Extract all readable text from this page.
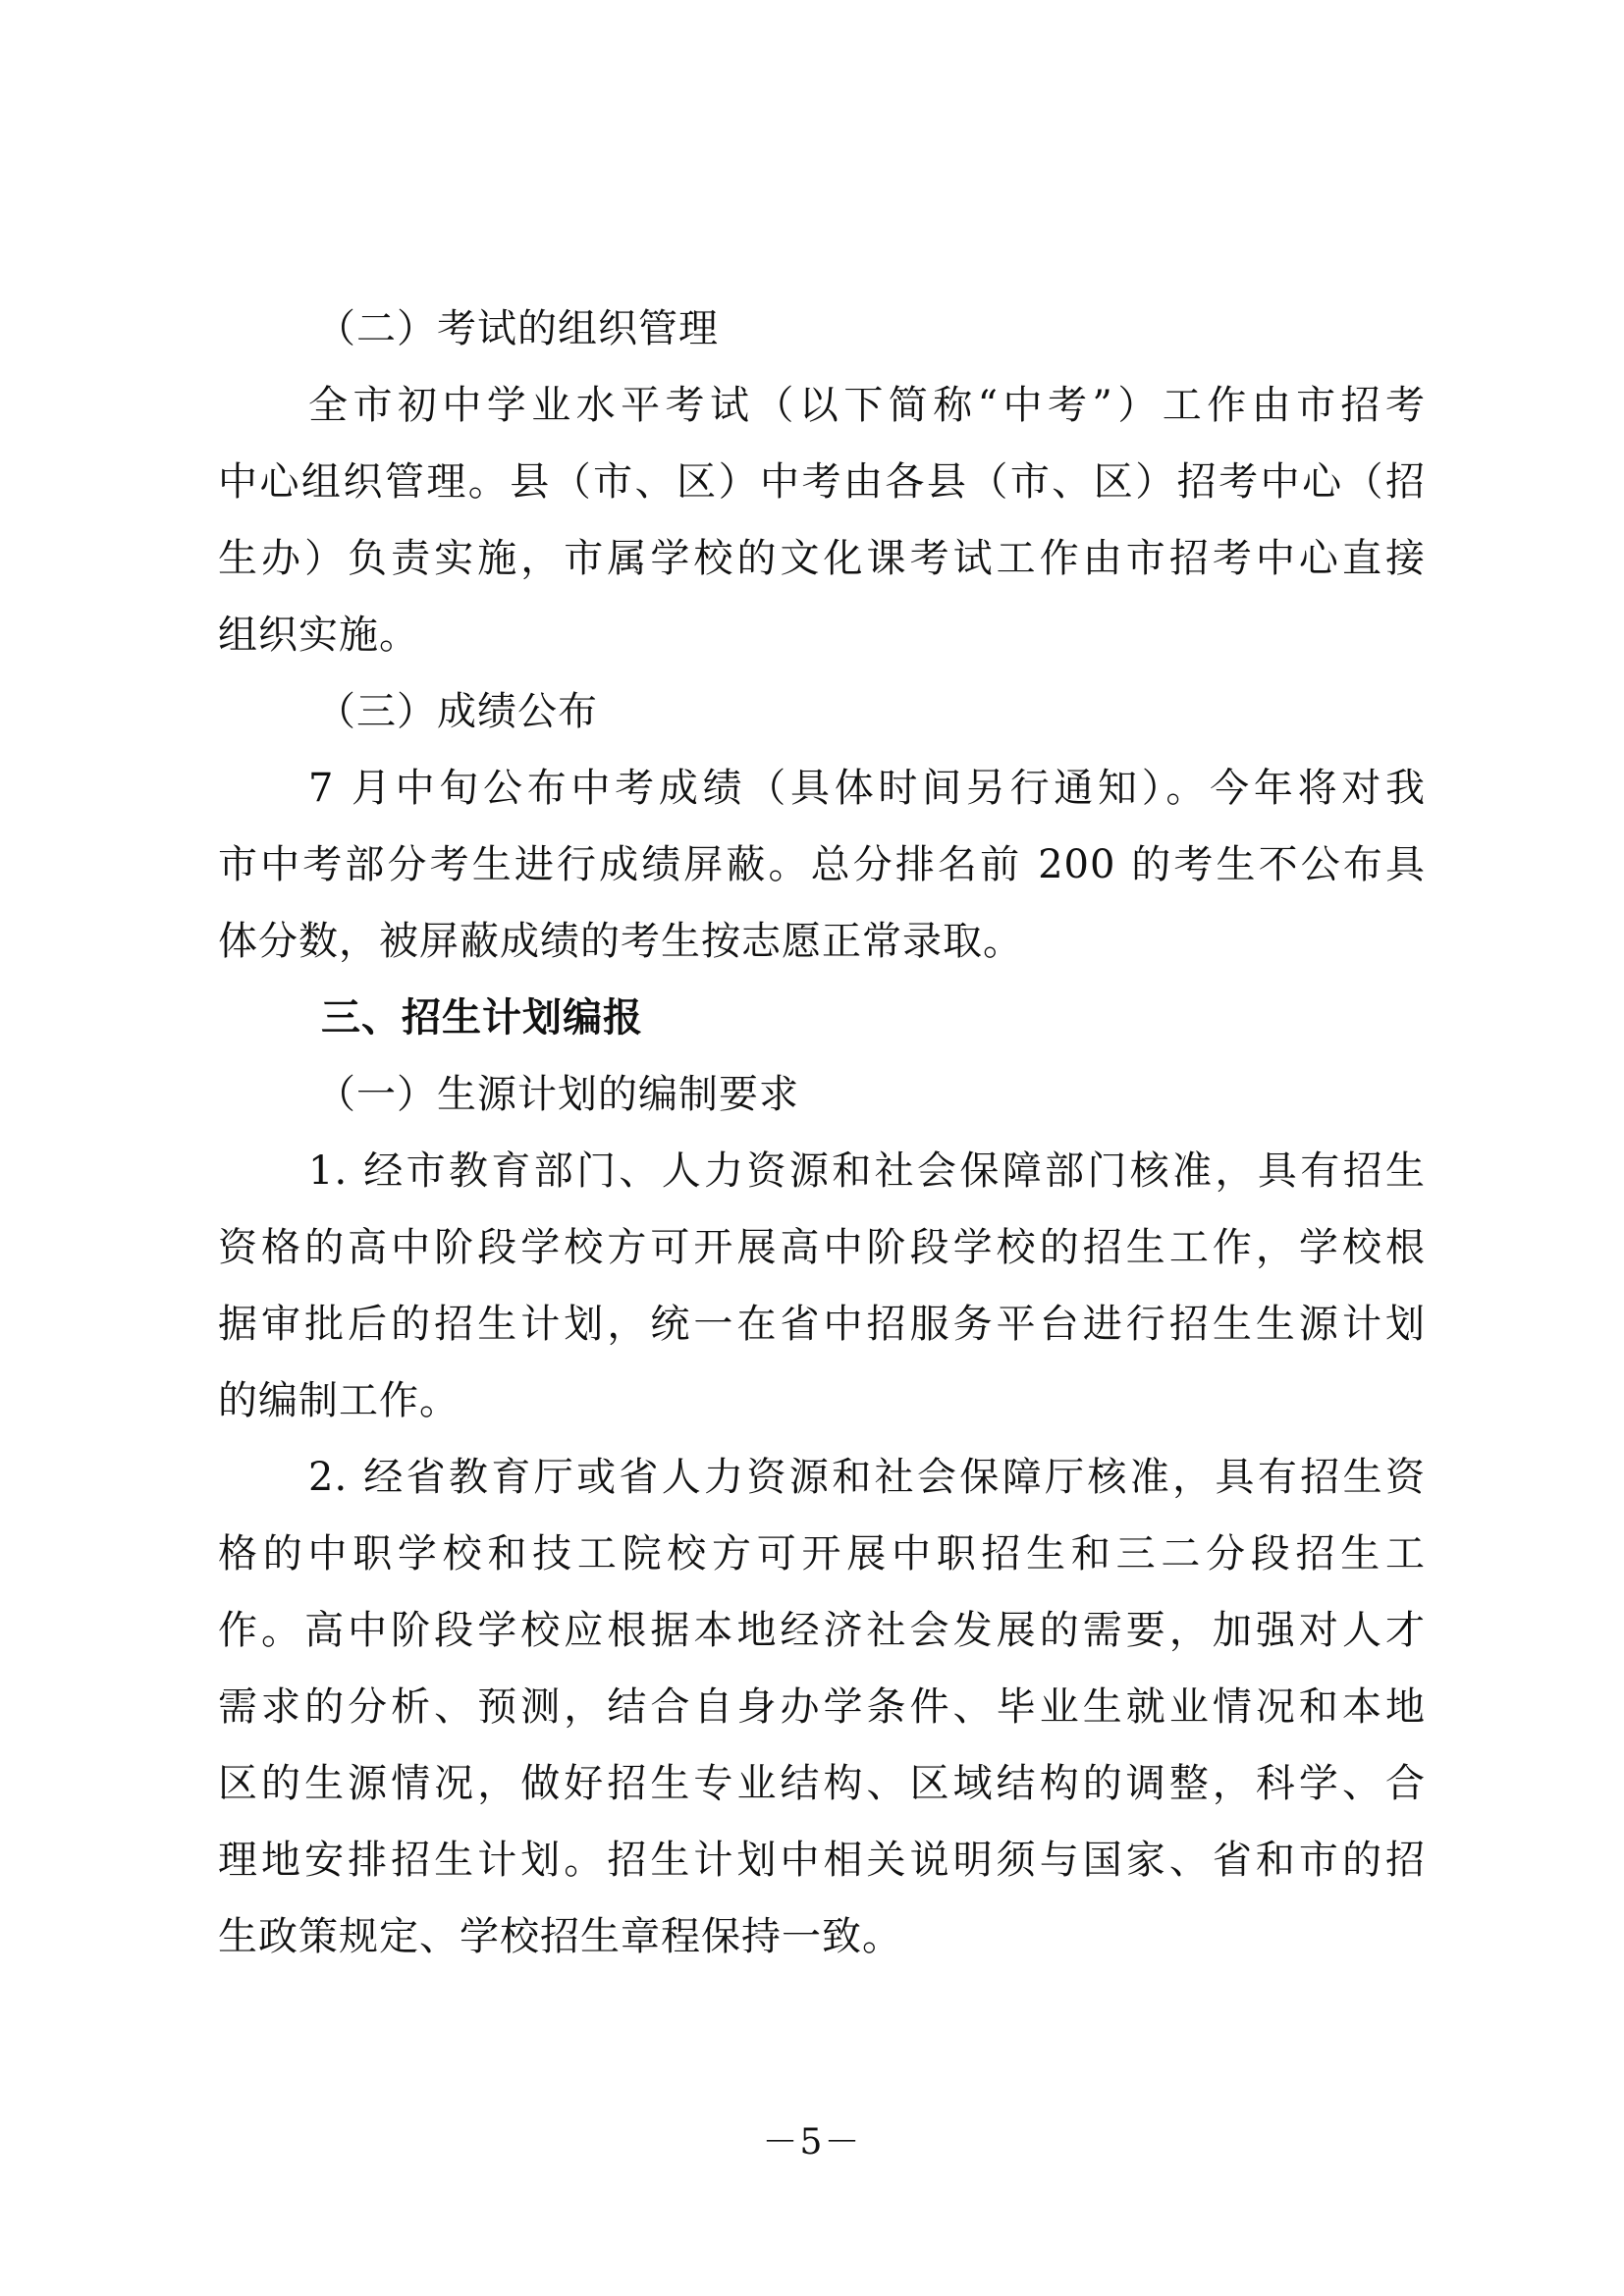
（二）考试的组织管理
全市初中学业水平考试（以下简称“中考”）工作由市招考
中心组织管理。县（市、区）中考由各县（市、区）招考中心（招
生办）负责实施，市属学校的文化课考试工作由市招考中心直接
组织实施。
（三）成绩公布
7 月中旬公布中考成绩（具体时间另行通知）。今年将对我
市中考部分考生进行成绩屏蔽。总分排名前 200 的考生不公布具
体分数，被屏蔽成绩的考生按志愿正常录取。
三、招生计划编报
（一）生源计划的编制要求
1. 经市教育部门、人力资源和社会保障部门核准，具有招生
资格的高中阶段学校方可开展高中阶段学校的招生工作，学校根
据审批后的招生计划，统一在省中招服务平台进行招生生源计划
的编制工作。
2. 经省教育厅或省人力资源和社会保障厅核准，具有招生资
格的中职学校和技工院校方可开展中职招生和三二分段招生工
作。高中阶段学校应根据本地经济社会发展的需要，加强对人才
需求的分析、预测，结合自身办学条件、毕业生就业情况和本地
区的生源情况，做好招生专业结构、区域结构的调整，科学、合
理地安排招生计划。招生计划中相关说明须与国家、省和市的招
生政策规定、学校招生章程保持一致。
－5－
